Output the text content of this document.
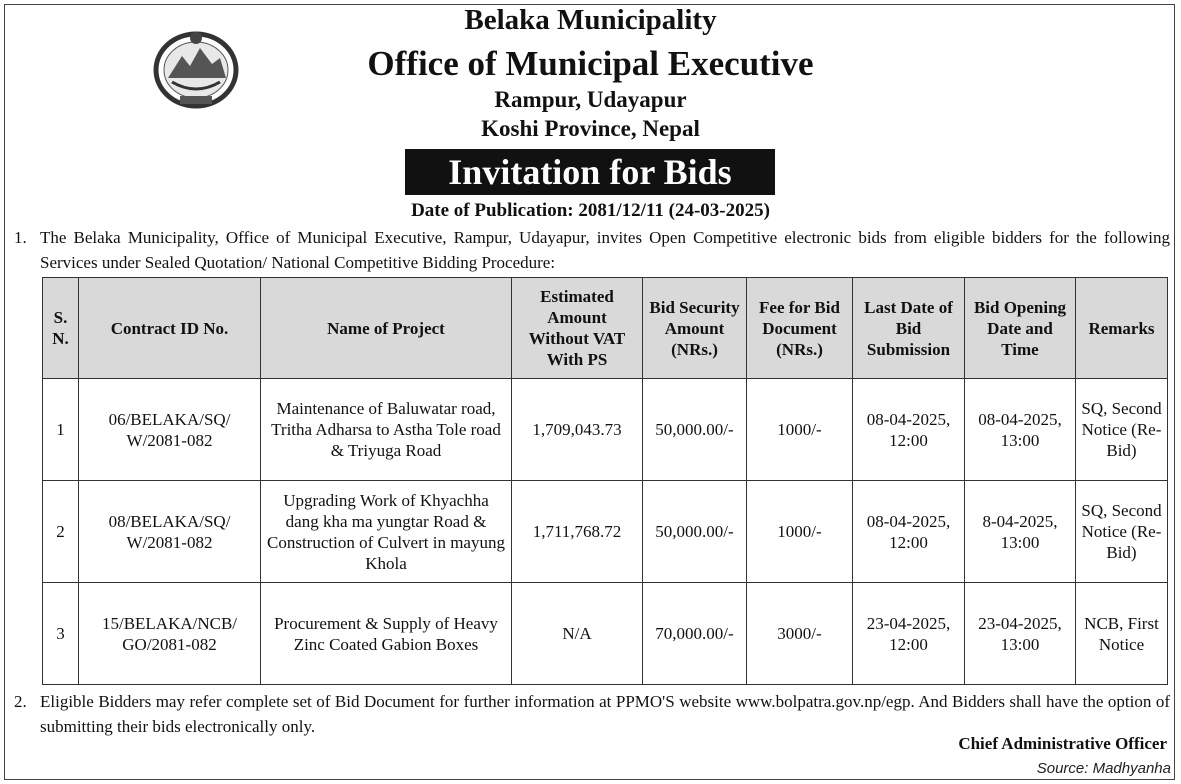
Belaka Municipality
Office of Municipal Executive
Rampur, Udayapur
Koshi Province, Nepal
Invitation for Bids
Date of Publication: 2081/12/11 (24-03-2025)
1. The Belaka Municipality, Office of Municipal Executive, Rampur, Udayapur, invites Open Competitive electronic bids from eligible bidders for the following Services under Sealed Quotation/ National Competitive Bidding Procedure:
S. N.	Contract ID No.	Name of Project	Estimated Amount Without VAT With PS	Bid Security Amount (NRs.)	Fee for Bid Document (NRs.)	Last Date of Bid Submission	Bid Opening Date and Time	Remarks
1	06/BELAKA/SQ/ W/2081-082	Maintenance of Baluwatar road, Tritha Adharsa to Astha Tole road & Triyuga Road	1,709,043.73	50,000.00/-	1000/-	08-04-2025, 12:00	08-04-2025, 13:00	SQ, Second Notice (Re-Bid)
2	08/BELAKA/SQ/ W/2081-082	Upgrading Work of Khyachha dang kha ma yungtar Road & Construction of Culvert in mayung Khola	1,711,768.72	50,000.00/-	1000/-	08-04-2025, 12:00	8-04-2025, 13:00	SQ, Second Notice (Re-Bid)
3	15/BELAKA/NCB/ GO/2081-082	Procurement & Supply of Heavy Zinc Coated Gabion Boxes	N/A	70,000.00/-	3000/-	23-04-2025, 12:00	23-04-2025, 13:00	NCB, First Notice
2. Eligible Bidders may refer complete set of Bid Document for further information at PPMO'S website www.bolpatra.gov.np/egp. And Bidders shall have the option of submitting their bids electronically only.
Chief Administrative Officer
Source: Madhyanha
